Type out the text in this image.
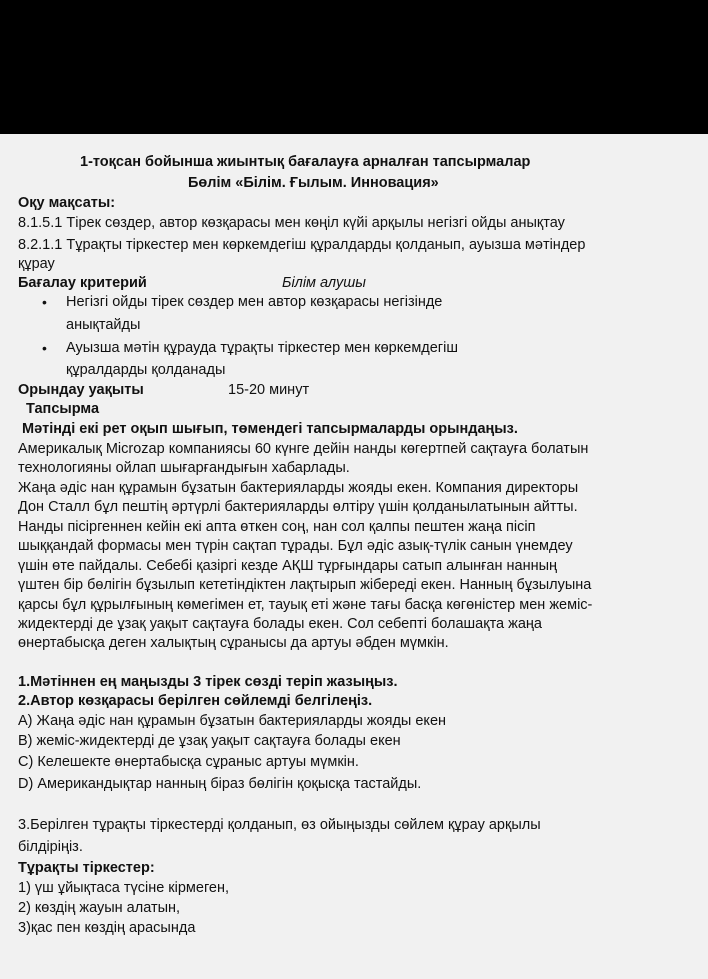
1-тоқсан бойынша жиынтық бағалауға арналған тапсырмалар
Бөлім «Білім. Ғылым. Инновация»
Оқу мақсаты:
8.1.5.1 Тірек сөздер, автор көзқарасы мен көңіл күйі арқылы негізгі ойды анықтау
8.2.1.1 Тұрақты тіркестер мен көркемдегіш құралдарды қолданып, ауызша мәтіндер
құрау
Бағалау критерий	Білім алушы
• Негізгі ойды тірек сөздер мен автор көзқарасы негізінде
анықтайды
• Ауызша мәтін құрауда тұрақты тіркестер мен көркемдегіш
құралдарды қолданады
Орындау уақыты	15-20 минут
Тапсырма
Мәтінді екі рет оқып шығып, төмендегі тапсырмаларды орындаңыз.
Америкалық Microzap компаниясы 60 күнге дейін нанды көгертпей сақтауға болатын
технологияны ойлап шығарғандығын хабарлады.
Жаңа әдіс нан құрамын бұзатын бактерияларды жояды екен. Компания директоры
Дон Сталл бұл пештің әртүрлі бактерияларды өлтіру үшін қолданылатынын айтты.
Нанды пісіргеннен кейін екі апта өткен соң, нан сол қалпы пештен жаңа пісіп
шыққандай формасы мен түрін сақтап тұрады. Бұл әдіс азық-түлік санын үнемдеу
үшін өте пайдалы. Себебі қазіргі кезде АҚШ тұрғындары сатып алынған нанның
үштен бір бөлігін бұзылып кететіндіктен лақтырып жібереді екен. Нанның бұзылуына
қарсы бұл құрылғының көмегімен ет, тауық еті және тағы басқа көгөністер мен жеміс-
жидектерді де ұзақ уақыт сақтауға болады екен. Сол себепті болашақта жаңа
өнертабысқа деген халықтың сұранысы да артуы әбден мүмкін.
1.Мәтіннен ең маңызды 3 тірек сөзді теріп жазыңыз.
2.Автор көзқарасы берілген сөйлемді белгілеңіз.
A) Жаңа әдіс нан құрамын бұзатын бактерияларды жояды екен
B) жеміс-жидектерді де ұзақ уақыт сақтауға болады екен
C) Келешекте өнертабысқа сұраныс артуы мүмкін.
D) Американдықтар нанның біраз бөлігін қоқысқа тастайды.
3.Берілген тұрақты тіркестерді қолданып, өз ойыңызды сөйлем құрау арқылы
білдіріңіз.
Тұрақты тіркестер:
1) үш ұйықтаса түсіне кірмеген,
2) көздің жауын алатын,
3)қас пен көздің арасында
